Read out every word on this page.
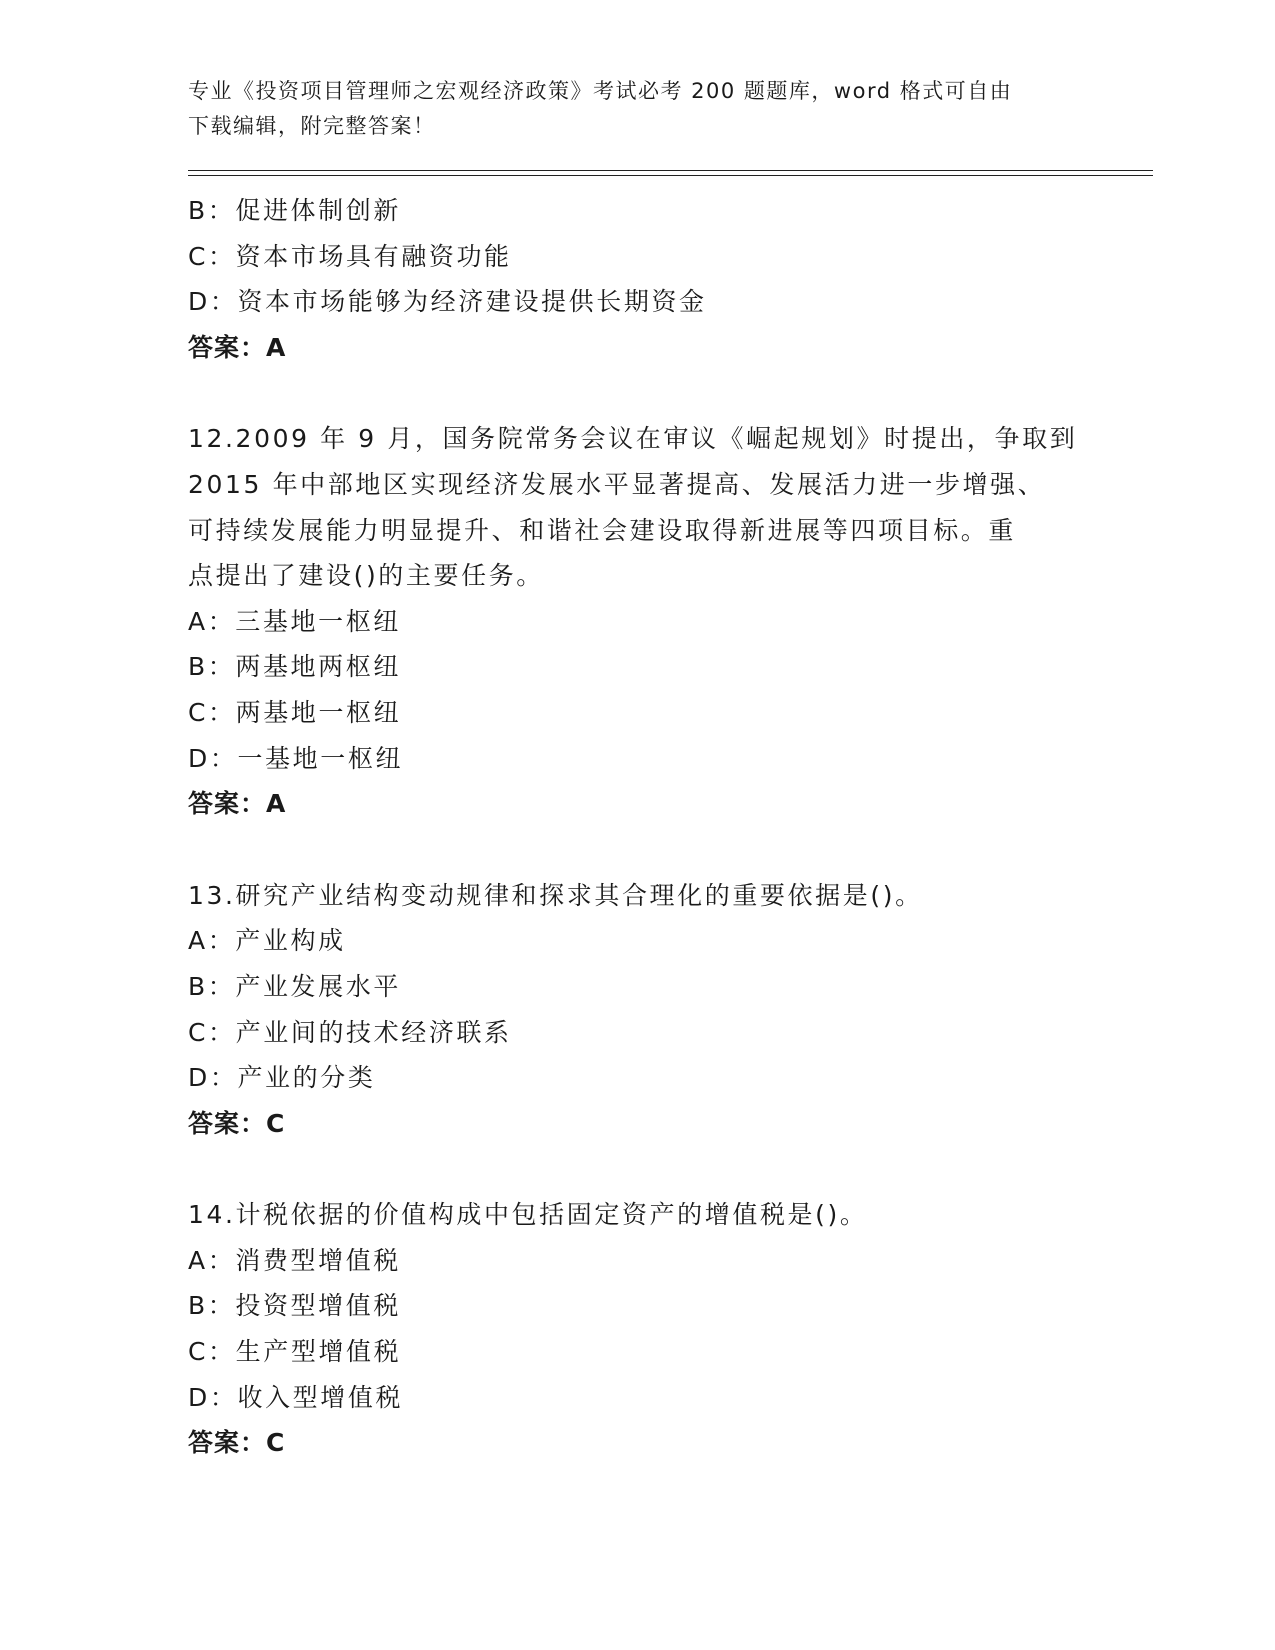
专业《投资项目管理师之宏观经济政策》考试必考 200 题题库，word 格式可自由
下载编辑，附完整答案！
B：促进体制创新
C：资本市场具有融资功能
D：资本市场能够为经济建设提供长期资金
答案：A
12.2009 年 9 月，国务院常务会议在审议《崛起规划》时提出，争取到
2015 年中部地区实现经济发展水平显著提高、发展活力进一步增强、
可持续发展能力明显提升、和谐社会建设取得新进展等四项目标。重
点提出了建设()的主要任务。
A：三基地一枢纽
B：两基地两枢纽
C：两基地一枢纽
D：一基地一枢纽
答案：A
13.研究产业结构变动规律和探求其合理化的重要依据是()。
A：产业构成
B：产业发展水平
C：产业间的技术经济联系
D：产业的分类
答案：C
14.计税依据的价值构成中包括固定资产的增值税是()。
A：消费型增值税
B：投资型增值税
C：生产型增值税
D：收入型增值税
答案：C
